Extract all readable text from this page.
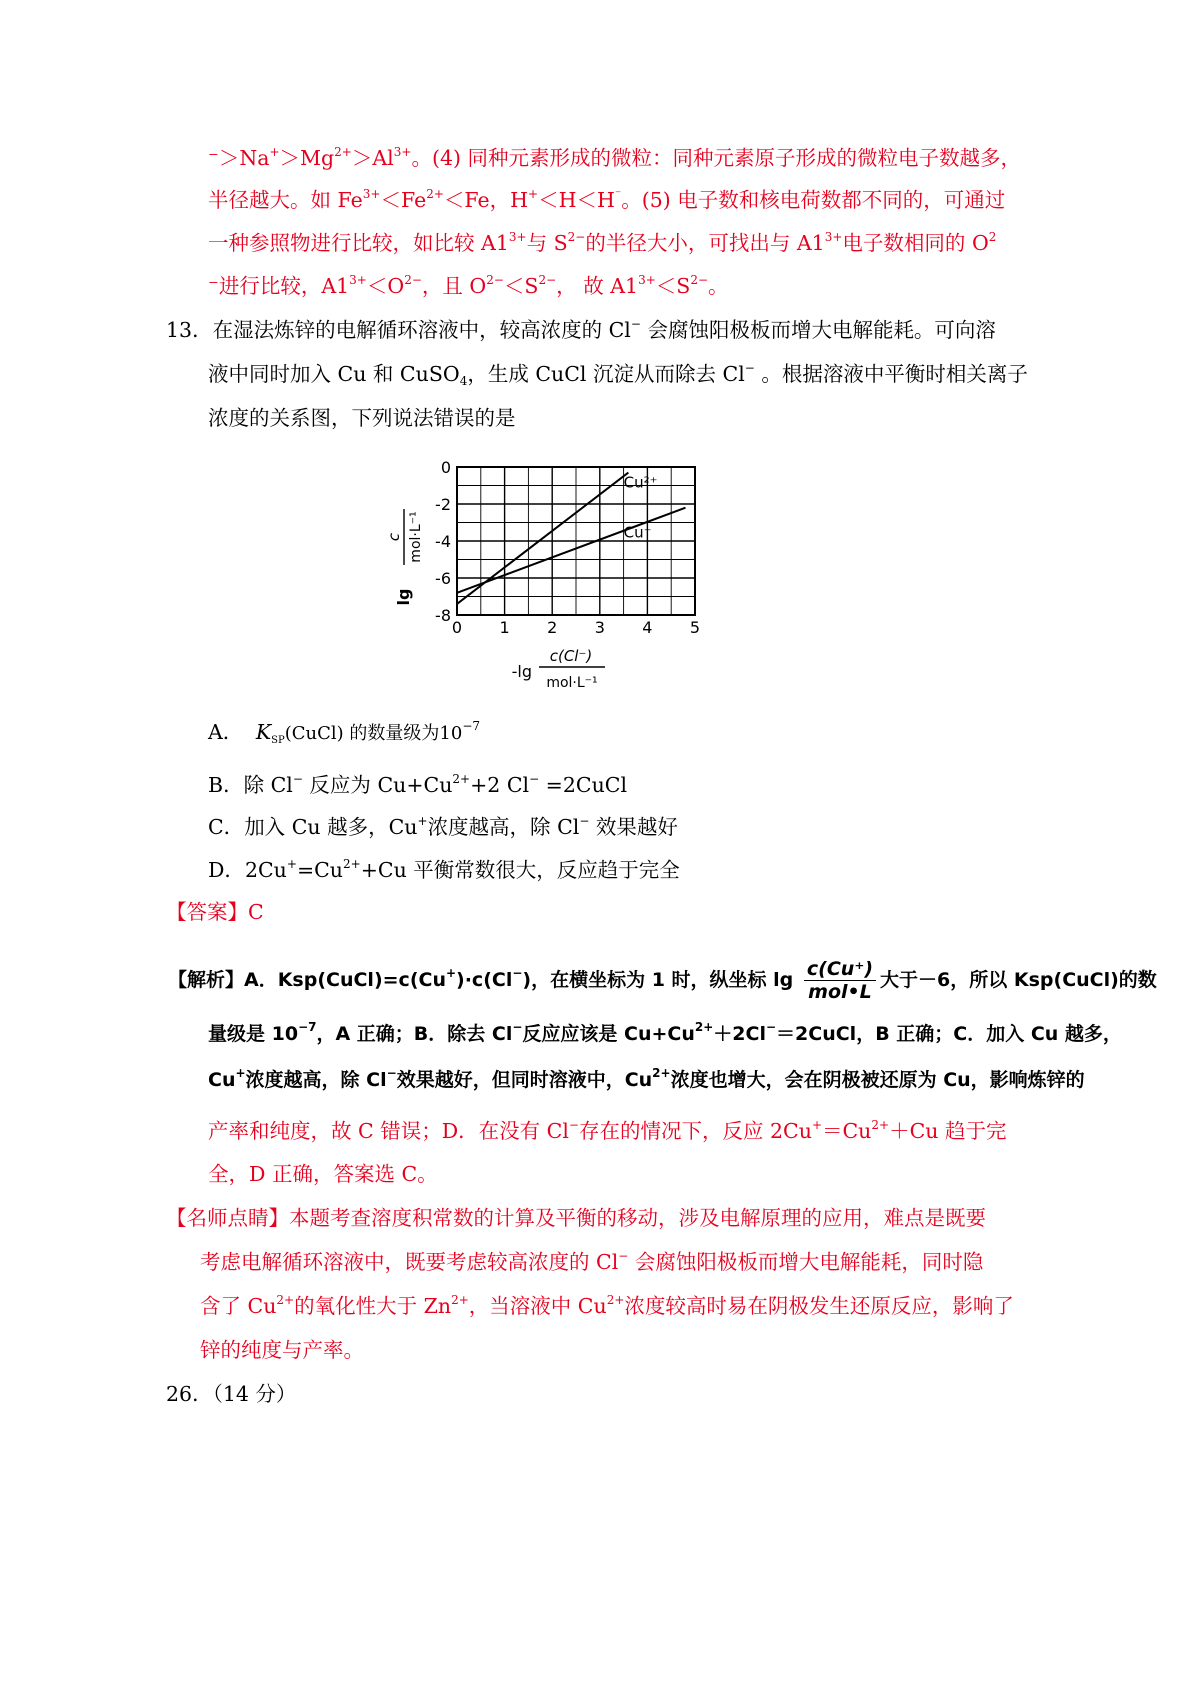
$^->Na^+>Mg^{2+}>Al^{3+}$。(4) 同种元素形成的微粒：同种元素原子形成的微粒电子数越多，
半径越大。如 $Fe^{3+}<Fe^{2+}<Fe$，H+＜H＜H⁻。(5) 电子数和核电荷数都不同的，可通过
一种参照物进行比较，如比较 $A1^{3+}$与 $S^{2-}$的半径大小，可找出与 $A1^{3+}$电子数相同的 $O^2$
⁻进行比较，$A1^{3+}<O^{2-}$，且 $O^{2-}<S^{2-}$， 故 $A1^{3+}<S^{2-}$。
13．在湿法炼锌的电解循环溶液中，较高浓度的 Cl− 会腐蚀阳极板而增大电解能耗。可向溶
液中同时加入 Cu 和 CuSO$_4$，生成 CuCl 沉淀从而除去 Cl− 。根据溶液中平衡时相关离子
浓度的关系图，下列说法错误的是
0 1 2 3 4 5
0
-2
-4
-6
-8
Cu²⁺
Cu⁺
lg
c mol·L⁻¹
-lg
c(Cl⁻)
mol·L⁻¹
A． $K_{SP}(CuCl)$ 的数量级为$10^{-7}$
B．除 Cl− 反应为 $Cu+Cu^{2+}+2$ Cl− =2CuCl
C．加入 Cu 越多，Cu+浓度越高，除 Cl− 效果越好
D．$2Cu^+=Cu^{2+}+Cu$ 平衡常数很大，反应趋于完全
【答案】C
【解析】A．Ksp(CuCl)=c(Cu+)·c(Cl−)，在横坐标为 1 时，纵坐标 $\lg \frac{c(Cu^+)}{\text{mol•L}}$ 大于－6，所以 Ksp(CuCl)的数
量级是 $10^{-7}$，A 正确；B．除去 Cl−反应应该是 $Cu+Cu^{2+}+2Cl^-=2CuCl$，B 正确；C．加入 Cu 越多，
Cu+浓度越高，除 Cl−效果越好，但同时溶液中，$Cu^{2+}$浓度也增大，会在阴极被还原为 Cu，影响炼锌的
产率和纯度，故 C 错误；D．在没有 Cl−存在的情况下，反应 $2Cu^+=Cu^{2+}+Cu$ 趋于完
全，D 正确，答案选 C。
【名师点睛】本题考查溶度积常数的计算及平衡的移动，涉及电解原理的应用，难点是既要
考虑电解循环溶液中，既要考虑较高浓度的 Cl− 会腐蚀阳极板而增大电解能耗，同时隐
含了 $Cu^{2+}$的氧化性大于 $Zn^{2+}$，当溶液中 $Cu^{2+}$浓度较高时易在阴极发生还原反应，影响了
锌的纯度与产率。
26．（14 分）
